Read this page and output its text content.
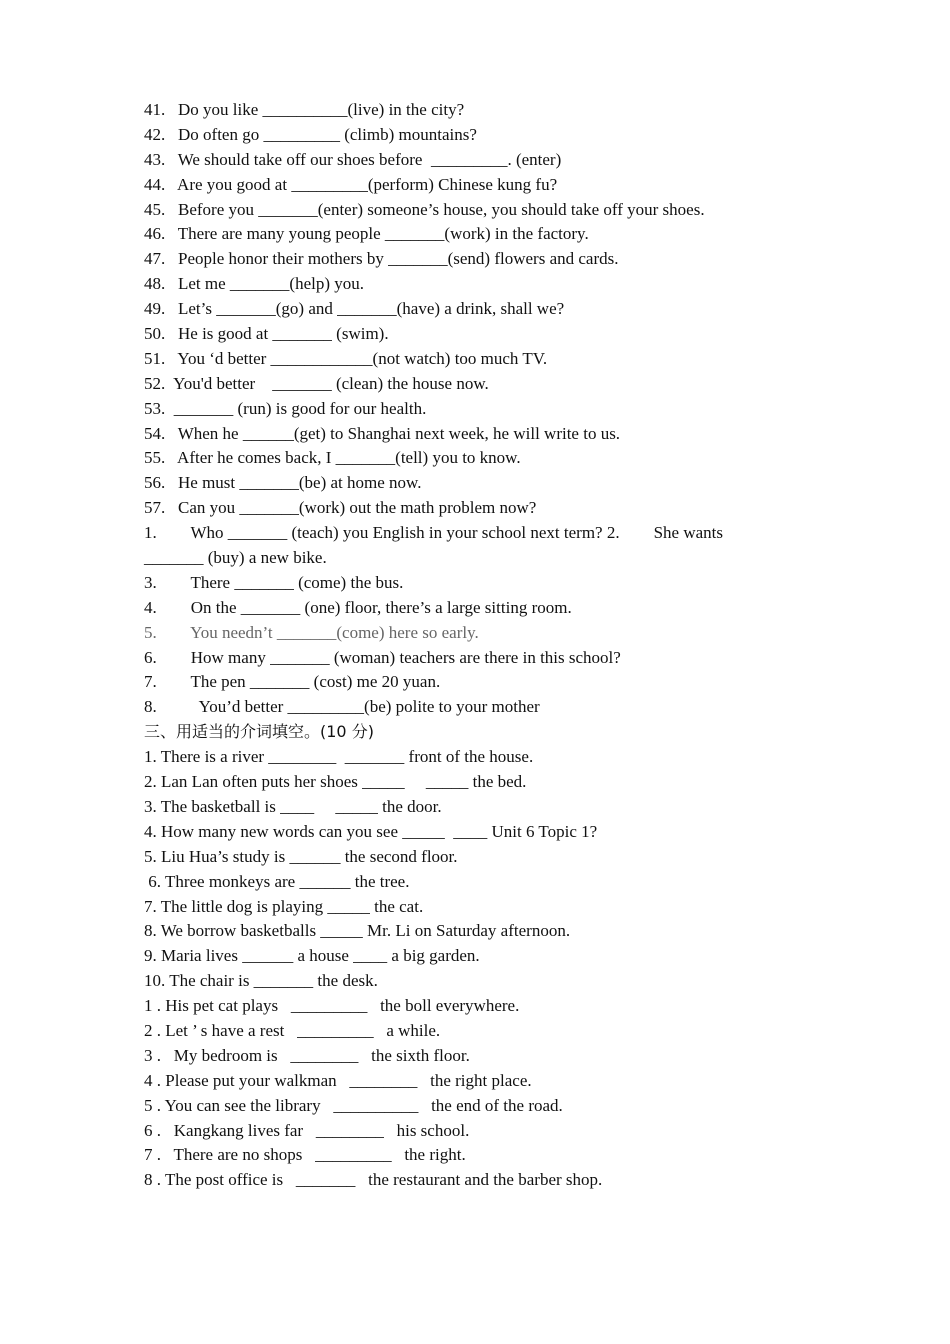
41.   Do you like __________(live) in the city?
42.   Do often go _________ (climb) mountains?
43.   We should take off our shoes before  _________. (enter)
44.   Are you good at _________(perform) Chinese kung fu?
45.   Before you _______(enter) someone’s house, you should take off your shoes.
46.   There are many young people _______(work) in the factory.
47.   People honor their mothers by _______(send) flowers and cards.
48.   Let me _______(help) you.
49.   Let’s _______(go) and _______(have) a drink, shall we?
50.   He is good at _______ (swim).
51.   You ‘d better ____________(not watch) too much TV.
52.  You'd better    _______ (clean) the house now.
53.  _______ (run) is good for our health.
54.   When he ______(get) to Shanghai next week, he will write to us.
55.   After he comes back, I _______(tell) you to know.
56.   He must _______(be) at home now.
57.   Can you _______(work) out the math problem now?
1.        Who _______ (teach) you English in your school next term? 2.        She wants
_______ (buy) a new bike.
3.        There _______ (come) the bus.
4.        On the _______ (one) floor, there’s a large sitting room.
5.        You needn’t _______(come) here so early.
6.        How many _______ (woman) teachers are there in this school?
7.        The pen _______ (cost) me 20 yuan.
8.          You’d better _________(be) polite to your mother
三、用适当的介词填空。(10 分)
1. There is a river ________  _______ front of the house.
2. Lan Lan often puts her shoes _____     _____ the bed.
3. The basketball is ____     _____ the door.
4. How many new words can you see _____  ____ Unit 6 Topic 1?
5. Liu Hua’s study is ______ the second floor.
6. Three monkeys are ______ the tree.
7. The little dog is playing _____ the cat.
8. We borrow basketballs _____ Mr. Li on Saturday afternoon.
9. Maria lives ______ a house ____ a big garden.
10. The chair is _______ the desk.
1 . His pet cat plays   _________   the boll everywhere.
2 . Let ’ s have a rest   _________   a while.
3 .   My bedroom is   ________   the sixth floor.
4 . Please put your walkman   ________   the right place.
5 . You can see the library   __________   the end of the road.
6 .   Kangkang lives far   ________   his school.
7 .   There are no shops   _________   the right.
8 . The post office is   _______   the restaurant and the barber shop.
